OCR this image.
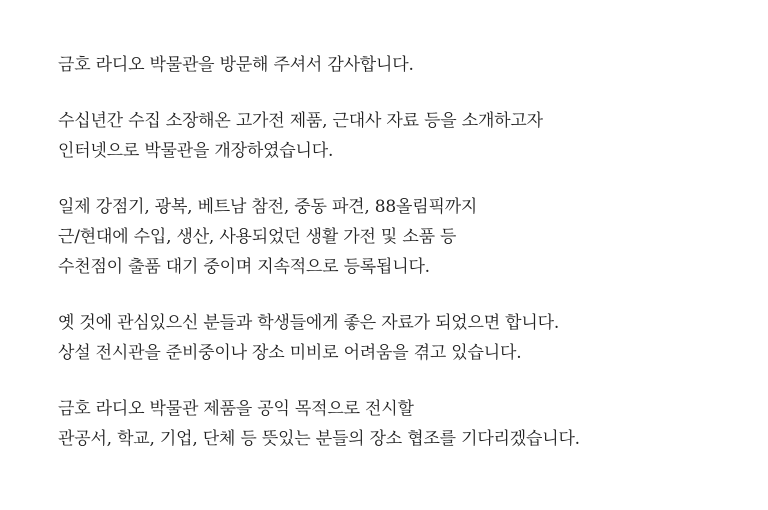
금호 라디오 박물관을 방문해 주셔서 감사합니다.

수십년간 수집 소장해온 고가전 제품, 근대사 자료 등을 소개하고자
인터넷으로 박물관을 개장하였습니다.

일제 강점기, 광복, 베트남 참전, 중동 파견, 88올림픽까지
근/현대에 수입, 생산, 사용되었던 생활 가전 및 소품 등
수천점이 출품 대기 중이며 지속적으로 등록됩니다.

옛 것에 관심있으신 분들과 학생들에게 좋은 자료가 되었으면 합니다.
상설 전시관을 준비중이나 장소 미비로 어려움을 겪고 있습니다.

금호 라디오 박물관 제품을 공익 목적으로 전시할
관공서, 학교, 기업, 단체 등 뜻있는 분들의 장소 협조를 기다리겠습니다.
